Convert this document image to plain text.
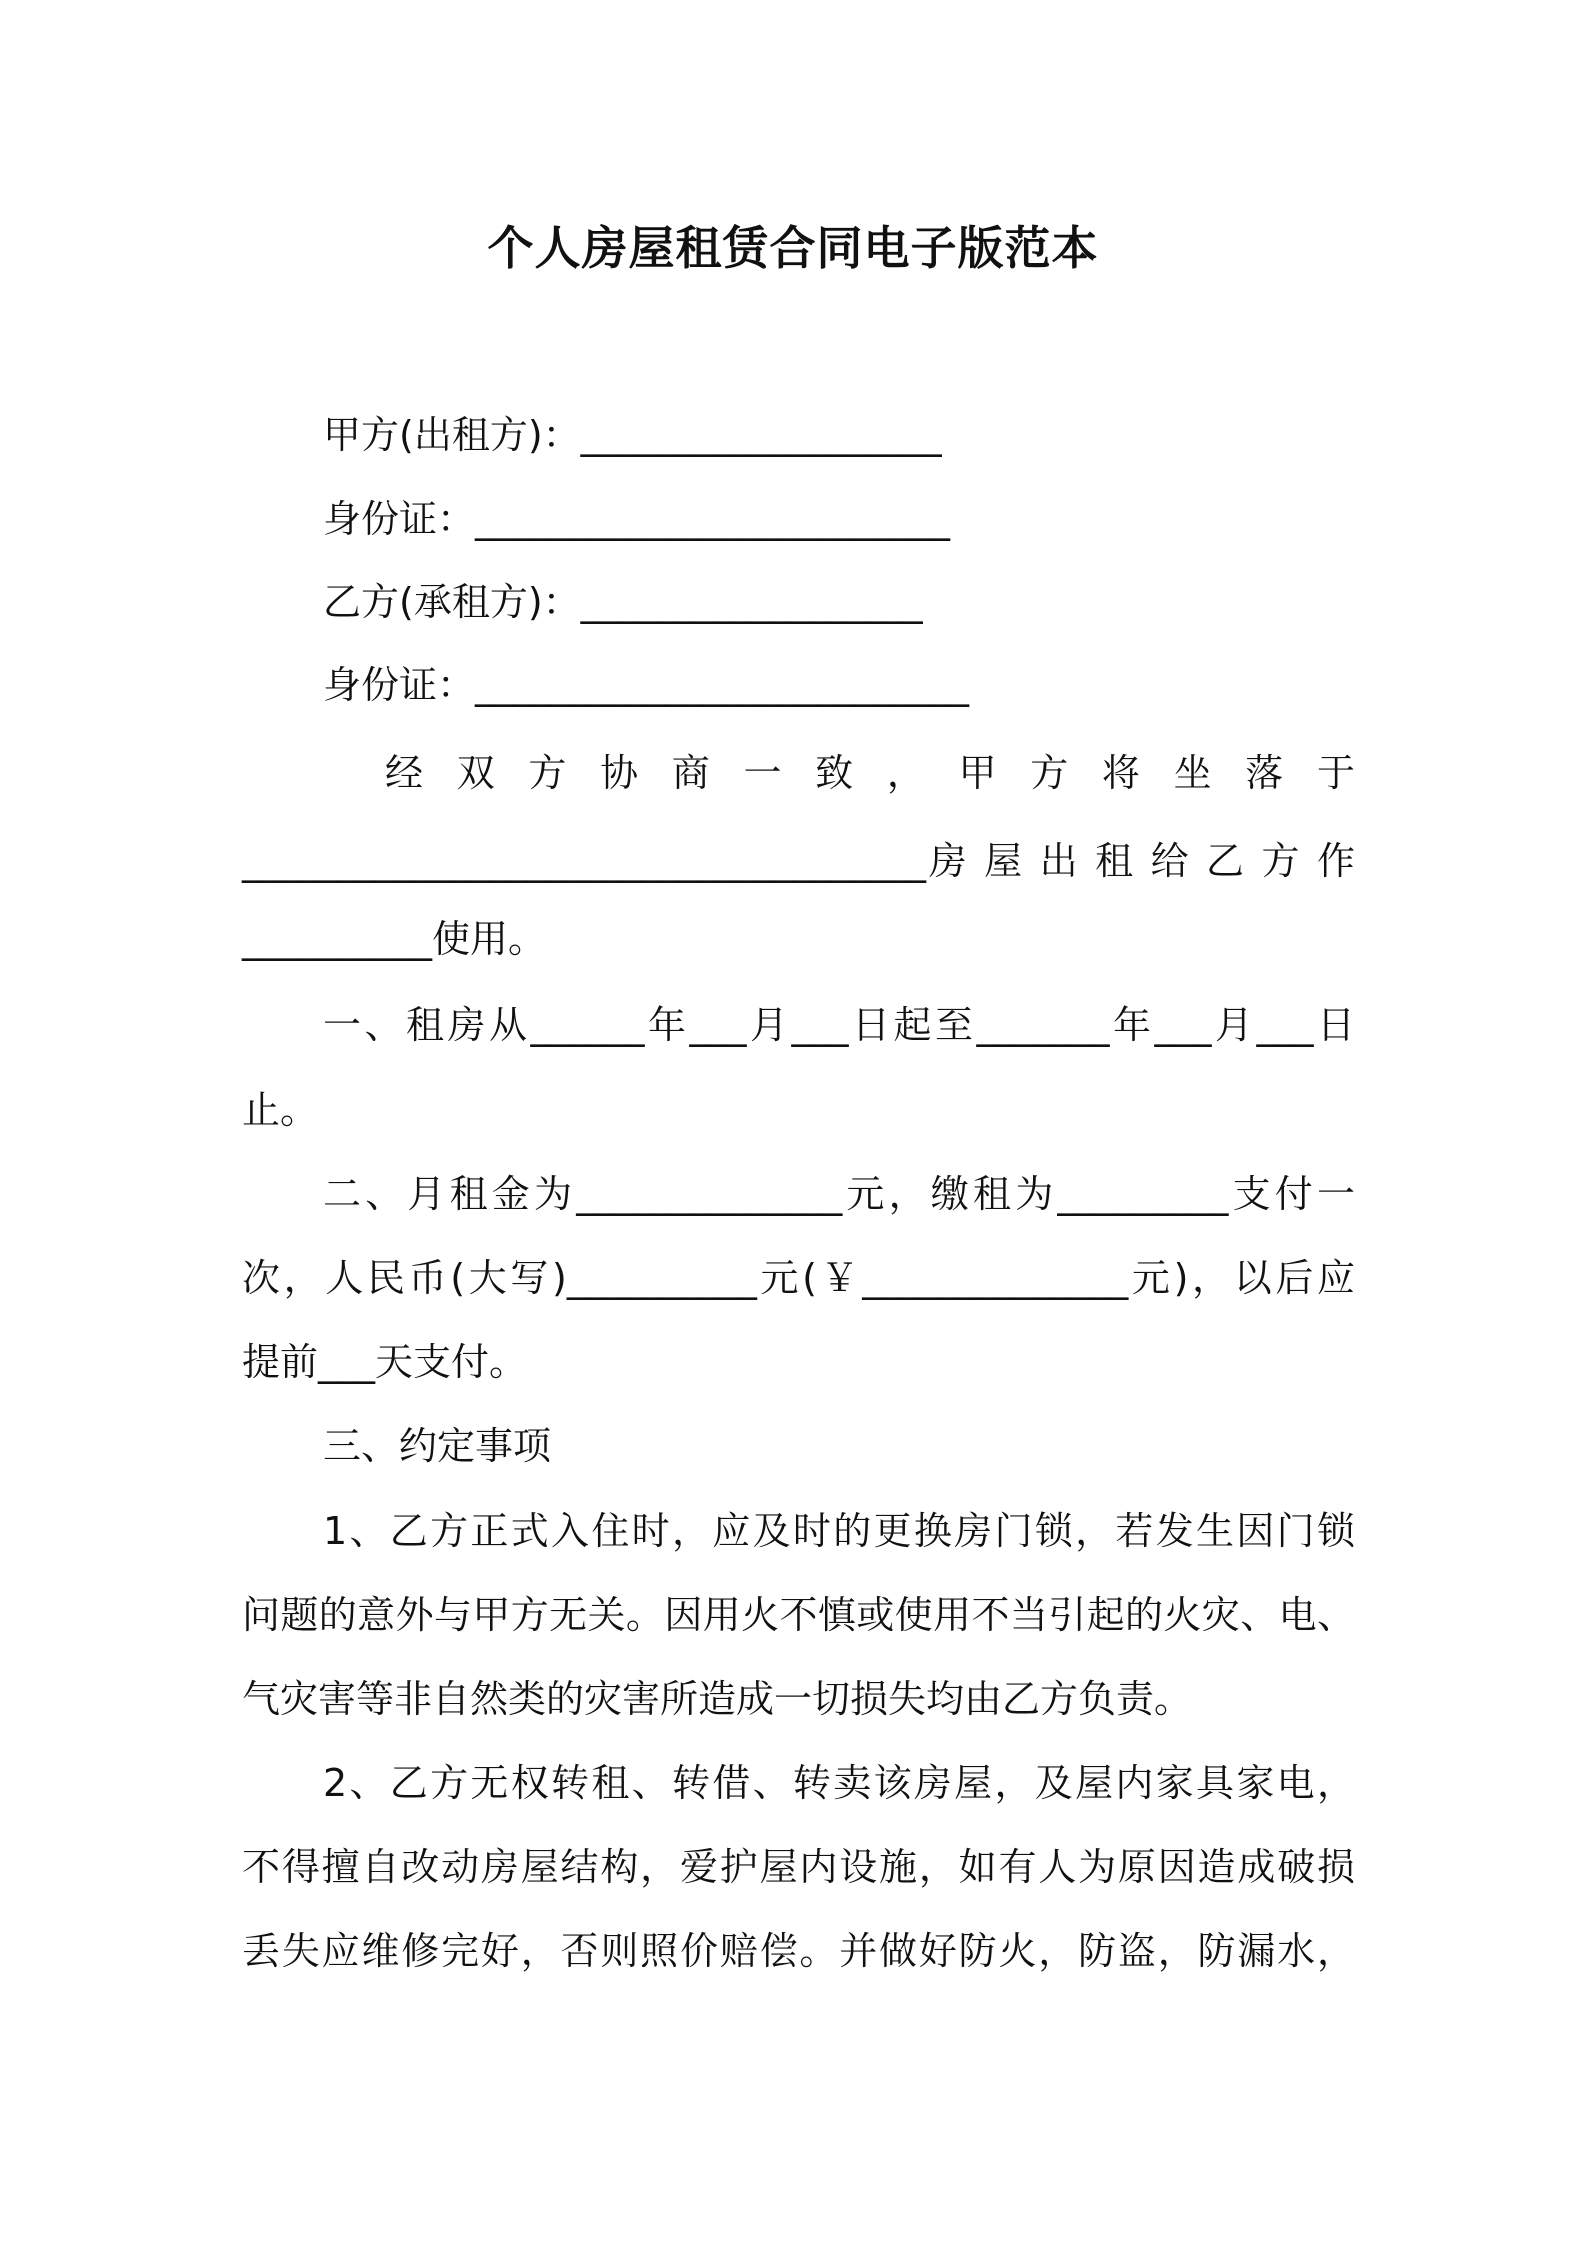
个人房屋租赁合同电子版范本
甲方(出租方)：___________________
身份证：_________________________
乙方(承租方)：__________________
身份证：__________________________
经 双 方 协 商 一 致 ， 甲 方 将 坐 落 于
____________________________________房 屋 出 租 给 乙 方 作
__________使用。
一、租房从______年___月___日起至_______年___月___日
止。
二、月租金为______________元，缴租为_________支付一
次，人民币(大写)__________元(￥______________元)，以后应
提前___天支付。
三、约定事项
1、乙方正式入住时，应及时的更换房门锁，若发生因门锁
问题的意外与甲方无关。因用火不慎或使用不当引起的火灾、电、
气灾害等非自然类的灾害所造成一切损失均由乙方负责。
2、乙方无权转租、转借、转卖该房屋，及屋内家具家电，
不得擅自改动房屋结构，爱护屋内设施，如有人为原因造成破损
丢失应维修完好，否则照价赔偿。并做好防火，防盗，防漏水，
